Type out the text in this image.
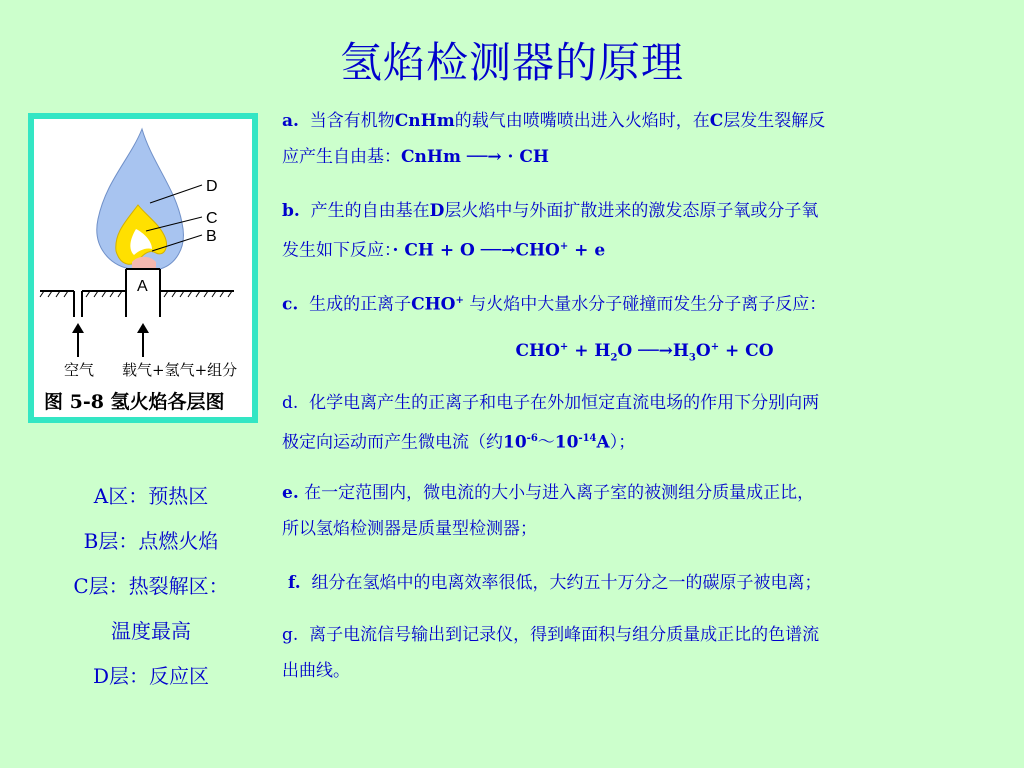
氢焰检测器的原理
D
C
B
A
空气 载气+氢气+组分
图 5-8 氢火焰各层图
A区：预热区
B层：点燃火焰
C层：热裂解区：
温度最高
D层：反应区
a. 当含有机物CnHm的载气由喷嘴喷出进入火焰时，在C层发生裂解反
应产生自由基：CnHm ──→ · CH
b. 产生的自由基在D层火焰中与外面扩散进来的激发态原子氧或分子氧
发生如下反应：· CH + O ──→CHO+ + e
c. 生成的正离子CHO+ 与火焰中大量水分子碰撞而发生分子离子反应：
$CHO^+ + H_2O$ $──\to H_3O^+$ + CO
d. 化学电离产生的正离子和电子在外加恒定直流电场的作用下分别向两
极定向运动而产生微电流（约$10^{-6}\sim 10^{-14}A$）；
e. 在一定范围内，微电流的大小与进入离子室的被测组分质量成正比，
所以氢焰检测器是质量型检测器；
f. 组分在氢焰中的电离效率很低，大约五十万分之一的碳原子被电离；
g. 离子电流信号输出到记录仪，得到峰面积与组分质量成正比的色谱流
出曲线。
